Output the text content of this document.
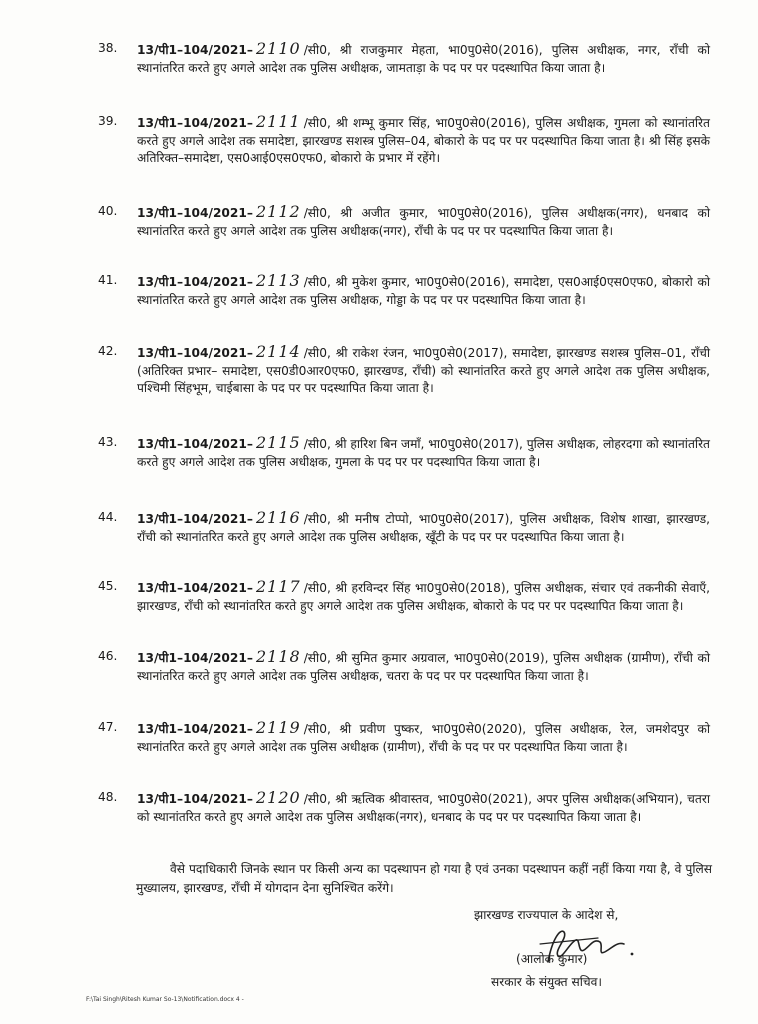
38.	13/पी1–104/2021– 2110 /सी0, श्री राजकुमार मेहता, भा0पु0से0(2016), पुलिस अधीक्षक, नगर, राँची को स्थानांतरित करते हुए अगले आदेश तक पुलिस अधीक्षक, जामताड़ा के पद पर पर पदस्थापित किया जाता है।
39.	13/पी1–104/2021– 2111 /सी0, श्री शम्भू कुमार सिंह, भा0पु0से0(2016), पुलिस अधीक्षक, गुमला को स्थानांतरित करते हुए अगले आदेश तक समादेष्टा, झारखण्ड सशस्त्र पुलिस–04, बोकारो के पद पर पर पदस्थापित किया जाता है। श्री सिंह इसके अतिरिक्त–समादेष्टा, एस0आई0एस0एफ0, बोकारो के प्रभार में रहेंगे।
40.	13/पी1–104/2021– 2112 /सी0, श्री अजीत कुमार, भा0पु0से0(2016), पुलिस अधीक्षक(नगर), धनबाद को स्थानांतरित करते हुए अगले आदेश तक पुलिस अधीक्षक(नगर), राँची के पद पर पर पदस्थापित किया जाता है।
41.	13/पी1–104/2021– 2113 /सी0, श्री मुकेश कुमार, भा0पु0से0(2016), समादेष्टा, एस0आई0एस0एफ0, बोकारो को स्थानांतरित करते हुए अगले आदेश तक पुलिस अधीक्षक, गोड्डा के पद पर पर पदस्थापित किया जाता है।
42.	13/पी1–104/2021– 2114 /सी0, श्री राकेश रंजन, भा0पु0से0(2017), समादेष्टा, झारखण्ड सशस्त्र पुलिस–01, राँची (अतिरिक्त प्रभार– समादेष्टा, एस0डी0आर0एफ0, झारखण्ड, राँची) को स्थानांतरित करते हुए अगले आदेश तक पुलिस अधीक्षक, पश्चिमी सिंहभूम, चाईबासा के पद पर पर पदस्थापित किया जाता है।
43.	13/पी1–104/2021– 2115 /सी0, श्री हारिश बिन जमाँ, भा0पु0से0(2017), पुलिस अधीक्षक, लोहरदगा को स्थानांतरित करते हुए अगले आदेश तक पुलिस अधीक्षक, गुमला के पद पर पर पदस्थापित किया जाता है।
44.	13/पी1–104/2021– 2116 /सी0, श्री मनीष टोप्पो, भा0पु0से0(2017), पुलिस अधीक्षक, विशेष शाखा, झारखण्ड, राँची को स्थानांतरित करते हुए अगले आदेश तक पुलिस अधीक्षक, खूँटी के पद पर पर पदस्थापित किया जाता है।
45.	13/पी1–104/2021– 2117 /सी0, श्री हरविन्दर सिंह भा0पु0से0(2018), पुलिस अधीक्षक, संचार एवं तकनीकी सेवाएँ, झारखण्ड, राँची को स्थानांतरित करते हुए अगले आदेश तक पुलिस अधीक्षक, बोकारो के पद पर पर पदस्थापित किया जाता है।
46.	13/पी1–104/2021– 2118 /सी0, श्री सुमित कुमार अग्रवाल, भा0पु0से0(2019), पुलिस अधीक्षक (ग्रामीण), राँची को स्थानांतरित करते हुए अगले आदेश तक पुलिस अधीक्षक, चतरा के पद पर पर पदस्थापित किया जाता है।
47.	13/पी1–104/2021– 2119 /सी0, श्री प्रवीण पुष्कर, भा0पु0से0(2020), पुलिस अधीक्षक, रेल, जमशेदपुर को स्थानांतरित करते हुए अगले आदेश तक पुलिस अधीक्षक (ग्रामीण), राँची के पद पर पर पदस्थापित किया जाता है।
48.	13/पी1–104/2021– 2120 /सी0, श्री ऋत्विक श्रीवास्तव, भा0पु0से0(2021), अपर पुलिस अधीक्षक(अभियान), चतरा को स्थानांतरित करते हुए अगले आदेश तक पुलिस अधीक्षक(नगर), धनबाद के पद पर पर पदस्थापित किया जाता है।
वैसे पदाधिकारी जिनके स्थान पर किसी अन्य का पदस्थापन हो गया है एवं उनका पदस्थापन कहीं नहीं किया गया है, वे पुलिस मुख्यालय, झारखण्ड, राँची में योगदान देना सुनिश्चित करेंगे।
झारखण्ड राज्यपाल के आदेश से,
(आलोक कुमार)
सरकार के संयुक्त सचिव।
F:\Tai Singh\Ritesh Kumar So-13\Notification.docx 4 -
